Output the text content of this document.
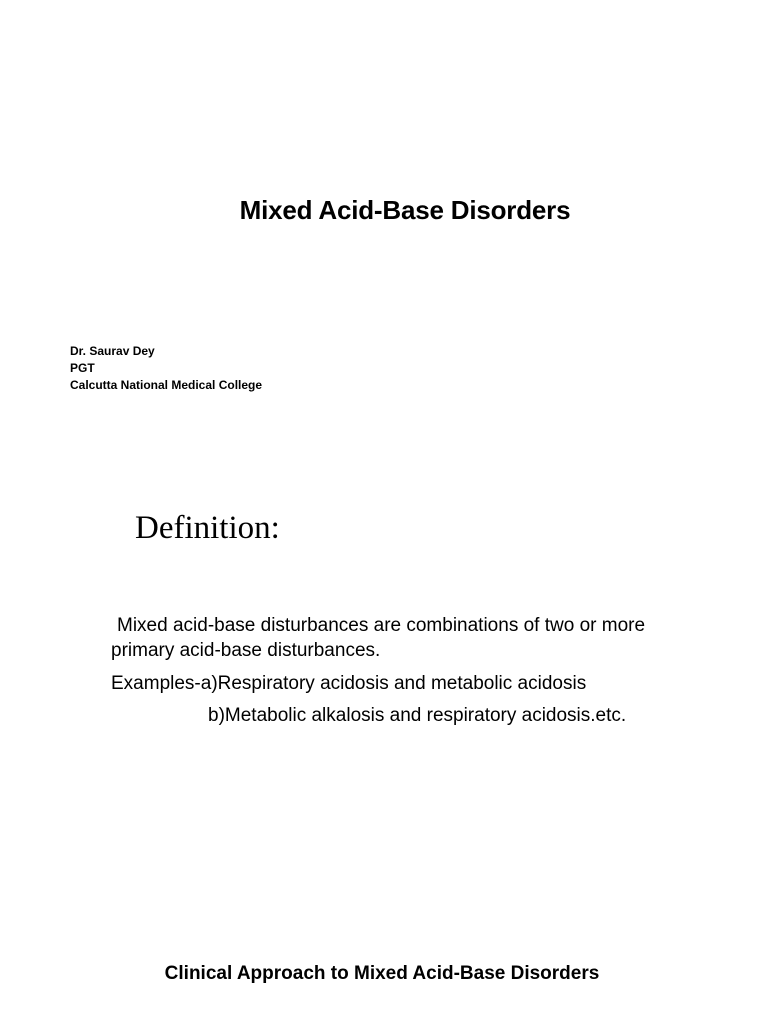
Mixed Acid-Base Disorders
Dr. Saurav Dey
PGT
Calcutta National Medical College
Definition:
Mixed acid-base disturbances are combinations of two or more
primary acid-base disturbances.
Examples-a)Respiratory acidosis and metabolic acidosis
b)Metabolic alkalosis and respiratory acidosis.etc.
Clinical Approach to Mixed Acid-Base Disorders
